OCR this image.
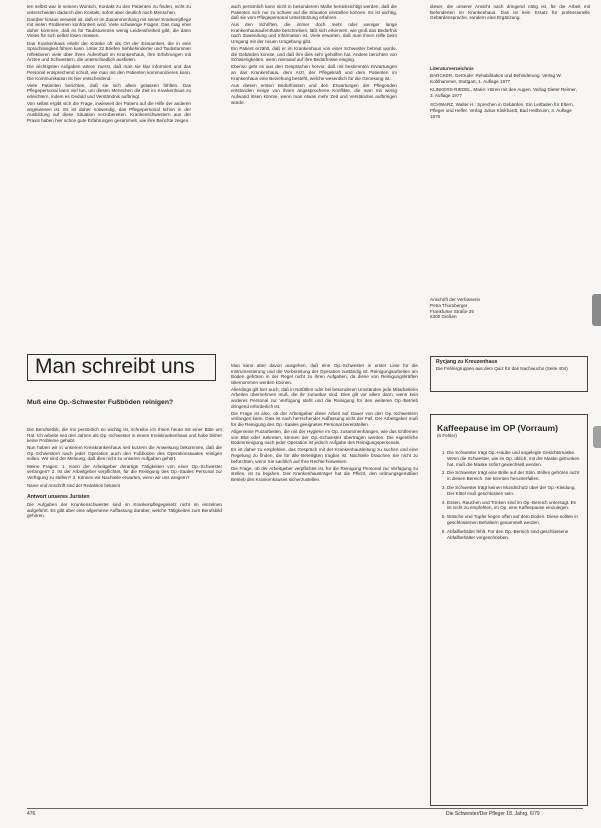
ten selbst war in seinem Wunsch, Kontakt zu den Patienten zu finden, nicht zu unterscheiden dadurch den Kontakt, sofort aber deutlich nach Menschen.

Darüber hinaus verweist ist, daß er im Zusammenhang mit seiner Krankenpflege mit vielen Problemen konfrontiert wird. Viele schwierige Fragen: Das mag eher daher kommen, daß es für Taubstummen wenig Leidensfreiheit gibt, die dann Vieles für sich selbst lösen müssen.

Das Krankenhaus erlebt der Kranke oft als Ort der Einsamkeit, die in eine Sprachlosigkeit führen kann. Unter 22 Briefen Sehbehinderter und Taubstummer reflektieren viele über ihren Aufenthalt im Krankenhaus, ihre Erfahrungen mit Ärzten und Schwestern, die unterschiedlich ausfielen.

Die wichtigsten Aufgaben wären zuerst, daß man sie klar informiert und das Personal entsprechend schult, wie man mit den Patienten kommunizieren kann. Die Kommunikation ist hier entscheidend.

Viele Patienten berichten, daß sie sich allein gelassen fühlten. Das Pflegepersonal kann viel tun, um diesen Menschen die Zeit im Krankenhaus zu erleichtern, indem es Geduld und Verständnis aufbringt.

Von selbst ergibt sich die Frage, inwieweit der Patient auf die Hilfe der anderen angewiesen ist. Es ist daher notwendig, das Pflegepersonal schon in der Ausbildung auf diese Situation vorzubereiten. Krankenschwestern aus der Praxis haben hier schon gute Erfahrungen gesammelt, wie ihre Berichte zeigen.

auch persönlich kann nicht in besonderem Maße berücksichtigt werden, daß die Patienten sich nur zu schwer auf die Situation einstellen können. Es ist wichtig, daß sie vom Pflegepersonal Unterstützung erfahren.

Aus den Schriften, die immer doch mehr oder weniger lange Krankenhausaufenthalte beschreiben, läßt sich erkennen, wie groß das Bedürfnis nach Zuwendung und Information ist. Viele erwarten, daß man ihnen Hilfe beim Umgang mit der neuen Umgebung gibt.

Ein Patient erzählt, daß er im Krankenhaus von einer Schwester betreut wurde, die Gebärden konnte, und daß ihm dies sehr geholfen hat. Andere berichten von Schwierigkeiten, wenn niemand auf ihre Bedürfnisse einging.

Ebenso geht es aus den Gesprächen hervor, daß mit bestimmten Erwartungen an das Krankenhaus, dem Arzt, der Pflegekraft und dem Patienten im Krankenhaus eine Beziehung besteht, welche wesentlich für die Genesung ist.

Aus diesen ersten Bedürfnissen und den Erwartungen der Pflegenden entstanden einige von ihnen angesprochene Konflikte, die man mit wenig Aufwand lösen könnte, wenn man etwas mehr Zeit und Verständnis aufbringen würde.

dieser, die unserer Ansicht nach dringend nötig ist, für die Arbeit mit Behinderten im Krankenhaus. Das ist kein Ersatz für professionelle Gebärdensprache, sondern eine Ergänzung.

Literaturverzeichnis
BARCKER, Gertrude: Rehabilitation und Behinderung. Verlag W. Kohlhammer, Stuttgart, 1. Auflage 1977
KLINKERS-RIEDEL, Marie: Hören mit den Augen. Verlag Dieter Reimer, 3. Auflage 1977
SCHWARZ, Walter H.: Sprechen in Gebärden. Ein Leitfaden für Eltern, Pfleger und Helfer. Verlag Julius Klinkhardt, Bad Heilbrunn, 3. Auflage 1976
Anschrift der Verfasserin
Petra Thurnberger
Frankfurter Straße 25
6300 Gießen
Man schreibt uns
Muß eine Op.-Schwester Fußböden reinigen?

Die Berufsethik, die mir persönlich so wichtig ist, schreibe ich Ihnen heute mit einer Bitte um Rat. Ich arbeite seit drei Jahren als Op.-Schwester in einem Kreiskrankenhaus und habe bisher keine Probleme gehabt.

Nun haben wir in unserem Kreiskrankenhaus seit kurzem die Anweisung bekommen, daß die Op.-Schwestern nach jeder Operation auch den Fußboden des Operationssaales reinigen sollen. Wir sind der Meinung, daß dies nicht zu unseren Aufgaben gehört.

Meine Fragen: 1. Kann der Arbeitgeber derartige Tätigkeiten von einer Op.-Schwester verlangen? 2. Ist der Arbeitgeber verpflichtet, für die Reinigung des Op.-Saales Personal zur Verfügung zu stellen? 3. Können wir Nachteile erwarten, wenn wir uns weigern?

Name und Anschrift sind der Redaktion bekannt

Antwort unseres Juristen

Die Aufgaben der Krankenschwester sind im Krankenpflegegesetz nicht im einzelnen aufgeführt. Es gibt aber eine allgemeine Auffassung darüber, welche Tätigkeiten zum Berufsbild gehören.

Man kann aber davon ausgehen, daß eine Op.-Schwester in erster Linie für die Instrumentierung und die Vorbereitung der Operation zuständig ist. Reinigungsarbeiten am Boden gehören in der Regel nicht zu ihren Aufgaben, da diese von Reinigungskräften übernommen werden können.

Allerdings gilt hier auch, daß in Notfällen oder bei besonderen Umständen jede Mitarbeiterin Arbeiten übernehmen muß, die ihr zumutbar sind. Dies gilt vor allem dann, wenn kein anderes Personal zur Verfügung steht und die Reinigung für den weiteren Op.-Betrieb dringend erforderlich ist.

Die Frage ist also, ob der Arbeitgeber diese Arbeit auf Dauer von den Op.-Schwestern verlangen kann. Dies ist nach herrschender Auffassung nicht der Fall. Der Arbeitgeber muß für die Reinigung des Op.-Saales geeignetes Personal bereitstellen.

Allgemeine Putzarbeiten, die mit der Hygiene im Op. zusammenhängen, wie das Entfernen von Blut oder Sekreten, können der Op.-Schwester übertragen werden. Die eigentliche Bodenreinigung nach jeder Operation ist jedoch Aufgabe des Reinigungspersonals.

Es ist daher zu empfehlen, das Gespräch mit der Krankenhausleitung zu suchen und eine Regelung zu finden, die für alle Beteiligten tragbar ist. Nachteile brauchen Sie nicht zu befürchten, wenn Sie sachlich auf Ihre Rechte hinweisen.

Die Frage, ob der Arbeitgeber verpflichtet ist, für die Reinigung Personal zur Verfügung zu stellen, ist zu bejahen. Der Krankenhausträger hat die Pflicht, den ordnungsgemäßen Betrieb des Krankenhauses sicherzustellen.

Rycjang zu Kreuzenhaus
Die Fehlergruppen aus dem Quiz für das Nachwuchs (Seite 404)
Kaffeepause im OP (Vorraum)
(6 Fehler)
1. Die Schwester trägt Op.-Haube und angelegte Gesichtsmaske. Wenn die Schwester, wie im Op. üblich, mit der Maske getrunken hat, muß die Maske sofort gewechselt werden.
2. Die Schwester trägt eine Brille auf der Stirn. Brillen gehören nicht in diesen Bereich. Sie könnten herunterfallen.
3. Die Schwester trägt keinen Mundschutz über der Op.-Kleidung. Der Kittel muß geschlossen sein.
4. Essen, Rauchen und Trinken sind im Op.-Bereich untersagt. Es ist nicht zu empfehlen, im Op. eine Kaffeepause einzulegen.
5. Wäsche und Tupfer liegen offen auf dem Boden. Diese sollten in geschlossenen Behältern gesammelt werden.
6. Abfallbehälter fehlt. Für den Op.-Bereich sind geschlossene Abfallbehälter vorgeschrieben.
476	Die Schwester/Der Pfleger 18. Jahrg. 6/79
